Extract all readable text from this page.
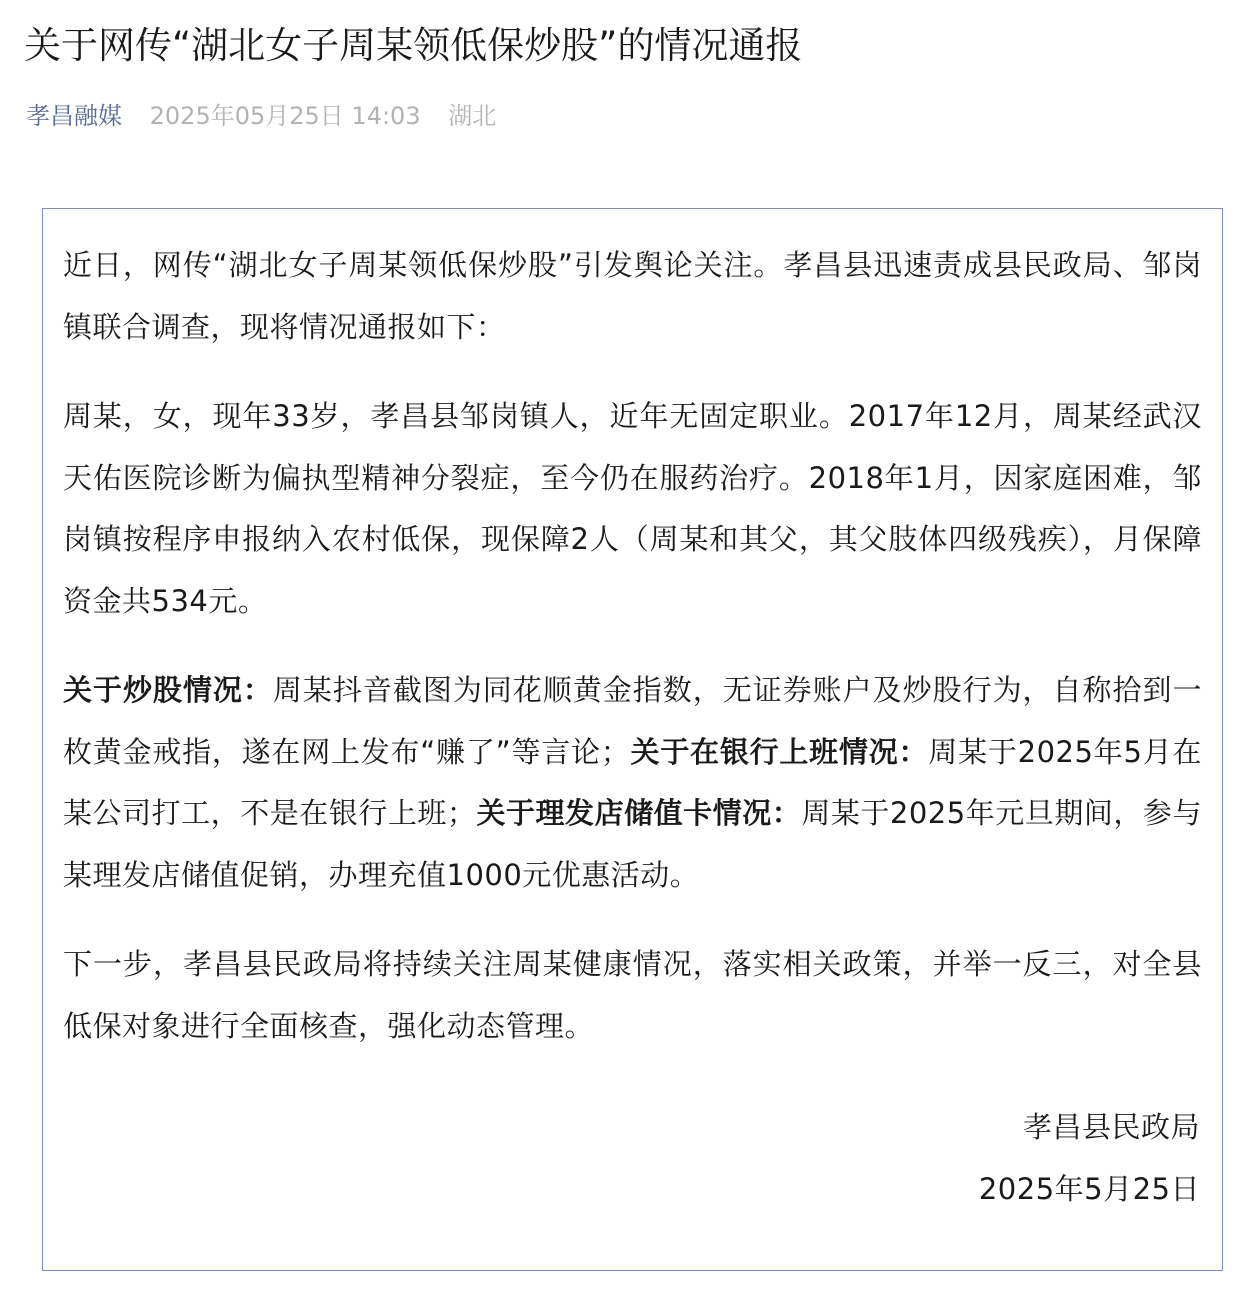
关于网传“湖北女子周某领低保炒股”的情况通报
孝昌融媒 2025年05月25日 14:03 湖北

近日，网传“湖北女子周某领低保炒股”引发舆论关注。孝昌县迅速责成县民政局、邹岗镇联合调查，现将情况通报如下：

周某，女，现年33岁，孝昌县邹岗镇人，近年无固定职业。2017年12月，周某经武汉天佑医院诊断为偏执型精神分裂症，至今仍在服药治疗。2018年1月，因家庭困难，邹岗镇按程序申报纳入农村低保，现保障2人（周某和其父，其父肢体四级残疾），月保障资金共534元。

关于炒股情况：周某抖音截图为同花顺黄金指数，无证券账户及炒股行为，自称拾到一枚黄金戒指，遂在网上发布“赚了”等言论；关于在银行上班情况：周某于2025年5月在某公司打工，不是在银行上班；关于理发店储值卡情况：周某于2025年元旦期间，参与某理发店储值促销，办理充值1000元优惠活动。

下一步，孝昌县民政局将持续关注周某健康情况，落实相关政策，并举一反三，对全县低保对象进行全面核查，强化动态管理。

孝昌县民政局
2025年5月25日
